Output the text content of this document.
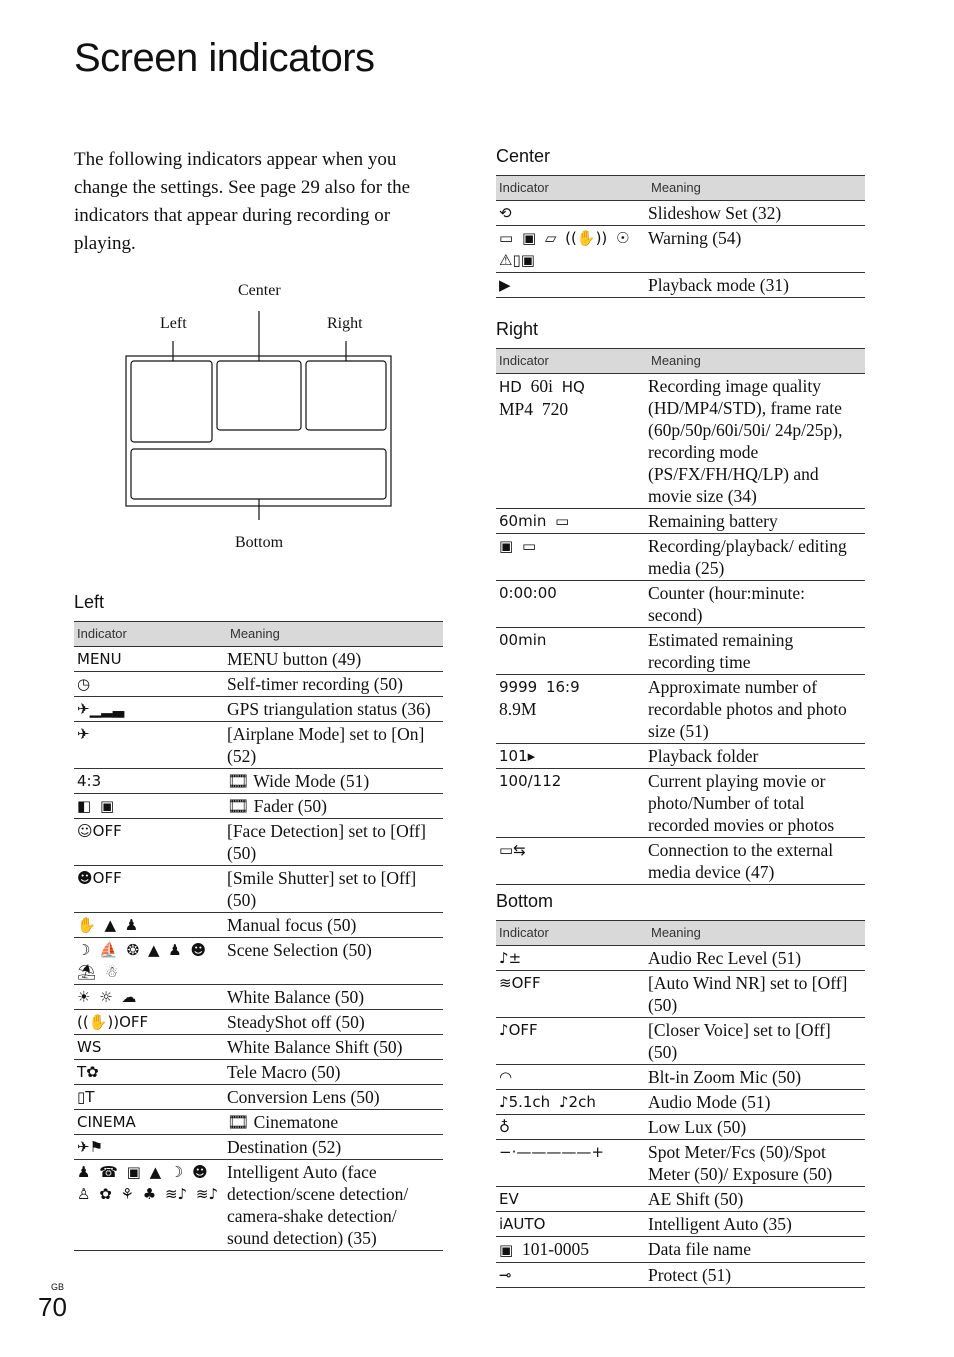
Screen indicators

The following indicators appear when you change the settings. See page 29 also for the indicators that appear during recording or playing.

Center
Left	Right
Bottom
Left
Indicator	Meaning
MENU	MENU button (49)
◷	Self-timer recording (50)
✈︎▁▂▃	GPS triangulation status (36)
✈	[Airplane Mode] set to [On] (52)
4:3	🎞 Wide Mode (51)
◧ ▣	🎞 Fader (50)
☺OFF	[Face Detection] set to [Off] (50)
☻OFF	[Smile Shutter] set to [Off] (50)
✋ ▲ ♟	Manual focus (50)
☽ ⛵ ❂ ▲ ♟ ☻ ⛱ ☃	Scene Selection (50)
☀ ☼ ☁	White Balance (50)
((✋))OFF	SteadyShot off (50)
WS	White Balance Shift (50)
T✿	Tele Macro (50)
▯T	Conversion Lens (50)
CINEMA	🎞 Cinematone
✈⚑	Destination (52)
♟ ☎ ▣ ▲ ☽ ☻ ♙ ✿ ⚘ ♣ ≋♪ ≋♪	Intelligent Auto (face detection/scene detection/ camera-shake detection/ sound detection) (35)
Center
Indicator	Meaning
⟲	Slideshow Set (32)
▭ ▣ ▱ ((✋)) ☉ ⚠▯▣	Warning (54)
▶	Playback mode (31)
Right
Indicator	Meaning
HD 60i HQ
MP4 720	Recording image quality (HD/MP4/STD), frame rate (60p/50p/60i/50i/ 24p/25p), recording mode (PS/FX/FH/HQ/LP) and movie size (34)
60min ▭	Remaining battery
▣ ▭	Recording/playback/ editing media (25)
0:00:00	Counter (hour:minute: second)
00min	Estimated remaining recording time
9999 16:9
8.9M	Approximate number of recordable photos and photo size (51)
101▸	Playback folder
100/112	Current playing movie or photo/Number of total recorded movies or photos
▭⇆	Connection to the external media device (47)
Bottom
Indicator	Meaning
♪±	Audio Rec Level (51)
≋OFF	[Auto Wind NR] set to [Off] (50)
♪OFF	[Closer Voice] set to [Off] (50)
◠	Blt-in Zoom Mic (50)
♪5.1ch ♪2ch	Audio Mode (51)
♁	Low Lux (50)
−·—————+	Spot Meter/Fcs (50)/Spot Meter (50)/ Exposure (50)
EV	AE Shift (50)
iAUTO	Intelligent Auto (35)
▣ 101-0005	Data file name
⊸	Protect (51)
GB
70
